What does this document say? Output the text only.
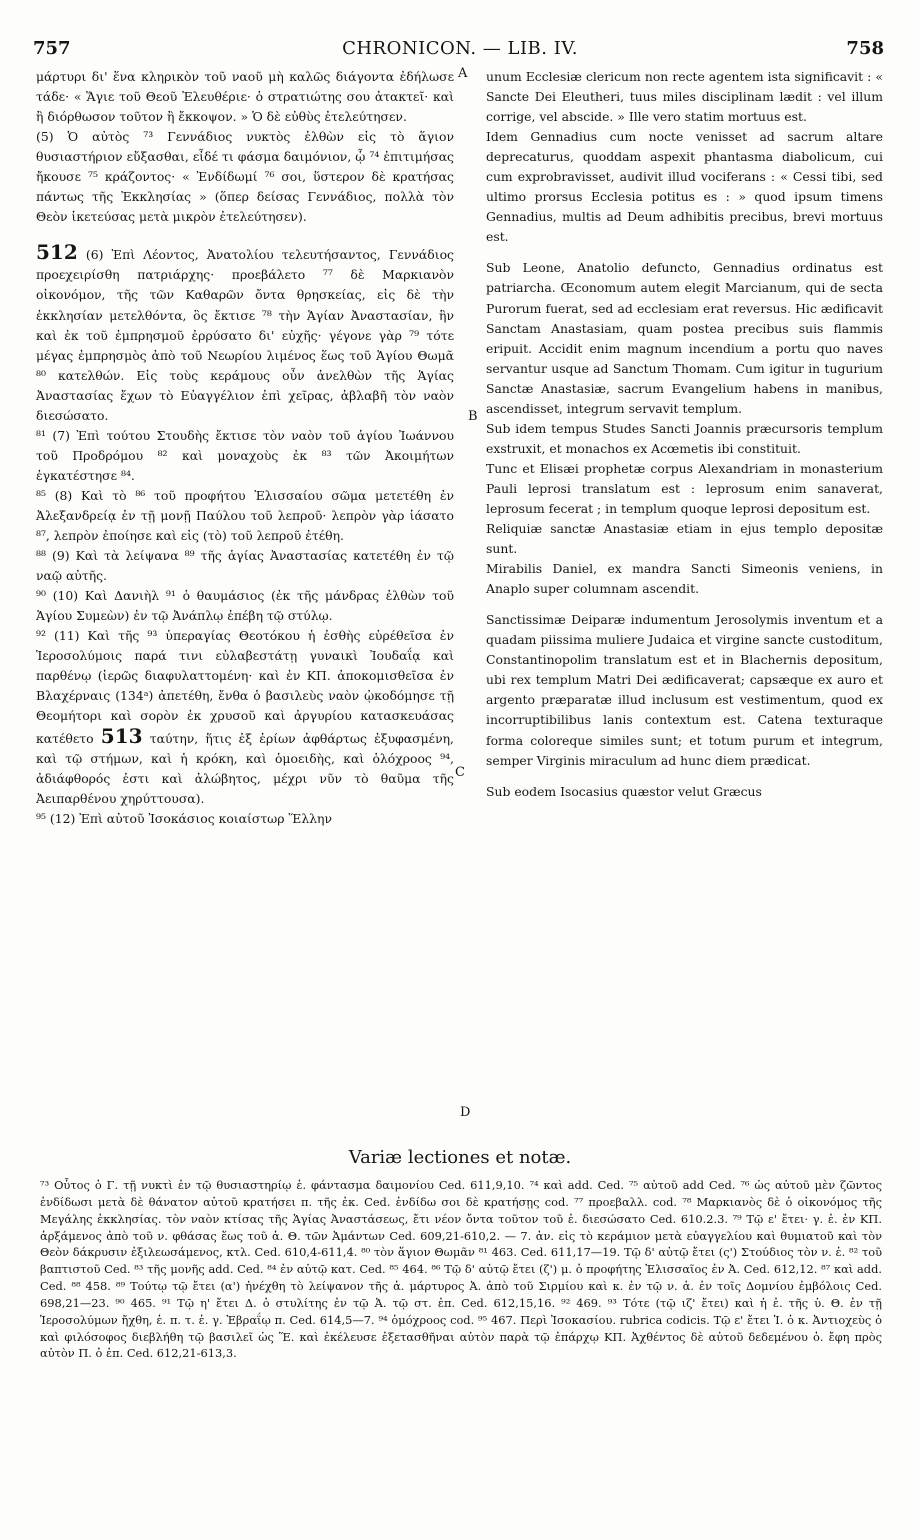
757	CHRONICON. — LIB. IV.	758
A
B
C
D

μάρτυρι δι' ἕνα κληρικὸν τοῦ ναοῦ μὴ καλῶς διάγοντα ἐδήλωσε τάδε· « Ἅγιε τοῦ Θεοῦ Ἐλευθέριε· ὁ στρατιώτης σου ἀτακτεῖ· καὶ ἢ διόρθωσον τοῦτον ἢ ἔκκοψον. » Ὁ δὲ εὐθὺς ἐτελεύτησεν.

(5) Ὁ αὐτὸς ⁷³ Γεννάδιος νυκτὸς ἐλθὼν εἰς τὸ ἅγιον θυσιαστήριον εὔξασθαι, εἶδέ τι φάσμα δαιμόνιον, ᾧ ⁷⁴ ἐπιτιμήσας ἤκουσε ⁷⁵ κράζοντος· « Ἐνδίδωμί ⁷⁶ σοι, ὕστερον δὲ κρατήσας πάντως τῆς Ἐκκλησίας » (ὅπερ δείσας Γεννάδιος, πολλὰ τὸν Θεὸν ἱκετεύσας μετὰ μικρὸν ἐτελεύτησεν).

512 (6) Ἐπὶ Λέοντος, Ἀνατολίου τελευτήσαντος, Γεννάδιος προεχειρίσθη πατριάρχης· προεβάλετο ⁷⁷ δὲ Μαρκιανὸν οἰκονόμον, τῆς τῶν Καθαρῶν ὄντα θρησκείας, εἰς δὲ τὴν ἐκκλησίαν μετελθόντα, ὃς ἔκτισε ⁷⁸ τὴν Ἁγίαν Ἀναστασίαν, ἣν καὶ ἐκ τοῦ ἐμπρησμοῦ ἐρρύσατο δι' εὐχῆς· γέγονε γὰρ ⁷⁹ τότε μέγας ἐμπρησμὸς ἀπὸ τοῦ Νεωρίου λιμένος ἕως τοῦ Ἁγίου Θωμᾶ ⁸⁰ κατελθών. Εἰς τοὺς κεράμους οὖν ἀνελθὼν τῆς Ἁγίας Ἀναστασίας ἔχων τὸ Εὐαγγέλιον ἐπὶ χεῖρας, ἀβλαβῆ τὸν ναὸν διεσώσατο.

⁸¹ (7) Ἐπὶ τούτου Στουδὴς ἔκτισε τὸν ναὸν τοῦ ἁγίου Ἰωάννου τοῦ Προδρόμου ⁸² καὶ μοναχοὺς ἐκ ⁸³ τῶν Ἀκοιμήτων ἐγκατέστησε ⁸⁴.

⁸⁵ (8) Καὶ τὸ ⁸⁶ τοῦ προφήτου Ἐλισσαίου σῶμα μετετέθη ἐν Ἀλεξανδρείᾳ ἐν τῇ μονῇ Παύλου τοῦ λεπροῦ· λεπρὸν γὰρ ἰάσατο ⁸⁷, λεπρὸν ἐποίησε καὶ εἰς (τὸ) τοῦ λεπροῦ ἐτέθη.

⁸⁸ (9) Καὶ τὰ λείψανα ⁸⁹ τῆς ἁγίας Ἀναστασίας κατετέθη ἐν τῷ ναῷ αὐτῆς.

⁹⁰ (10) Καὶ Δανιὴλ ⁹¹ ὁ θαυμάσιος (ἐκ τῆς μάνδρας ἐλθὼν τοῦ Ἁγίου Συμεὼν) ἐν τῷ Ἀνάπλῳ ἐπέβη τῷ στύλῳ.

⁹² (11) Καὶ τῆς ⁹³ ὑπεραγίας Θεοτόκου ἡ ἐσθὴς εὑρέθεῖσα ἐν Ἱεροσολύμοις παρά τινι εὐλαβεστάτῃ γυναικὶ Ἰουδαΐᾳ καὶ παρθένῳ (ἱερῶς διαφυλαττομένη· καὶ ἐν ΚΠ. ἀποκομισθεῖσα ἐν Βλαχέρναις (134ᵃ) ἀπετέθη, ἔνθα ὁ βασιλεὺς ναὸν ᾠκοδόμησε τῇ Θεομήτορι καὶ σορὸν ἐκ χρυσοῦ καὶ ἀργυρίου κατασκευάσας κατέθετο 513 ταύτην, ἥτις ἐξ ἐρίων ἀφθάρτως ἐξυφασμένη, καὶ τῷ στήμων, καὶ ἡ κρόκη, καὶ ὁμοειδὴς, καὶ ὁλόχροος ⁹⁴, ἀδιάφθορός ἐστι καὶ ἀλώβητος, μέχρι νῦν τὸ θαῦμα τῆς Ἀειπαρθένου χηρύττουσα).

⁹⁵ (12) Ἐπὶ αὐτοῦ Ἰσοκάσιος κοιαίστωρ Ἕλλην

unum Ecclesiæ clericum non recte agentem ista significavit : « Sancte Dei Eleutheri, tuus miles disciplinam lædit : vel illum corrige, vel abscide. » Ille vero statim mortuus est.

Idem Gennadius cum nocte venisset ad sacrum altare deprecaturus, quoddam aspexit phantasma diabolicum, cui cum exprobravisset, audivit illud vociferans : « Cessi tibi, sed ultimo prorsus Ecclesia potitus es : » quod ipsum timens Gennadius, multis ad Deum adhibitis precibus, brevi mortuus est.

Sub Leone, Anatolio defuncto, Gennadius ordinatus est patriarcha. Œconomum autem elegit Marcianum, qui de secta Purorum fuerat, sed ad ecclesiam erat reversus. Hic ædificavit Sanctam Anastasiam, quam postea precibus suis flammis eripuit. Accidit enim magnum incendium a portu quo naves servantur usque ad Sanctum Thomam. Cum igitur in tugurium Sanctæ Anastasiæ, sacrum Evangelium habens in manibus, ascendisset, integrum servavit templum.

Sub idem tempus Studes Sancti Joannis præcursoris templum exstruxit, et monachos ex Acœmetis ibi constituit.

Tunc et Elisæi prophetæ corpus Alexandriam in monasterium Pauli leprosi translatum est : leprosum enim sanaverat, leprosum fecerat ; in templum quoque leprosi depositum est.

Reliquiæ sanctæ Anastasiæ etiam in ejus templo depositæ sunt.

Mirabilis Daniel, ex mandra Sancti Simeonis veniens, in Anaplo super columnam ascendit.

Sanctissimæ Deiparæ indumentum Jerosolymis inventum et a quadam piissima muliere Judaica et virgine sancte custoditum, Constantinopolim translatum est et in Blachernis depositum, ubi rex templum Matri Dei ædificaverat; capsæque ex auro et argento præparatæ illud inclusum est vestimentum, quod ex incorruptibilibus lanis contextum est. Catena texturaque forma coloreque similes sunt; et totum purum et integrum, semper Virginis miraculum ad hunc diem prædicat.

Sub eodem Isocasius quæstor velut Græcus

Variæ lectiones et notæ.
⁷³ Οὗτος ὁ Γ. τῇ νυκτὶ ἐν τῷ θυσιαστηρίῳ ἑ. φάντασμα δαιμονίου Ced. 611,9,10. ⁷⁴ καὶ add. Ced. ⁷⁵ αὐτοῦ add Ced. ⁷⁶ ὡς αὐτοῦ μὲν ζῶντος ἐνδίδωσι μετὰ δὲ θάνατον αὐτοῦ κρατήσει π. τῆς ἐκ. Ced. ἐνδίδω σοι δὲ κρατήσῃς cod. ⁷⁷ προεβαλλ. cod. ⁷⁸ Μαρκιανὸς δὲ ὁ οἰκονόμος τῆς Μεγάλης ἐκκλησίας. τὸν ναὸν κτίσας τῆς Ἁγίας Ἀναστάσεως, ἔτι νέον ὄντα τοῦτον τοῦ ἐ. διεσώσατο Ced. 610.2.3. ⁷⁹ Τῷ ε' ἔτει· γ. ἐ. ἐν ΚΠ. ἀρξάμενος ἀπὸ τοῦ ν. φθάσας ἕως τοῦ ἁ. Θ. τῶν Ἀμάντων Ced. 609,21-610,2. — 7. ἀν. εἰς τὸ κεράμιον μετὰ εὐαγγελίου καὶ θυμιατοῦ καὶ τὸν Θεὸν δάκρυσιν ἐξιλεωσάμενος, κτλ. Ced. 610,4-611,4. ⁸⁰ τὸν ἅγιον Θωμᾶν ⁸¹ 463. Ced. 611,17—19. Τῷ δ' αὐτῷ ἔτει (ς') Στούδιος τὸν ν. ἐ. ⁸² τοῦ βαπτιστοῦ Ced. ⁸³ τῆς μονῆς add. Ced. ⁸⁴ ἐν αὐτῷ κατ. Ced. ⁸⁵ 464. ⁸⁶ Τῷ δ' αὐτῷ ἔτει (ζ') μ. ὁ προφήτης Ἐλισσαῖος ἐν Ἀ. Ced. 612,12. ⁸⁷ καὶ add. Ced. ⁸⁸ 458. ⁸⁹ Τούτῳ τῷ ἔτει (α') ἠνέχθη τὸ λείψανον τῆς ἁ. μάρτυρος Ἀ. ἀπὸ τοῦ Σιρμίου καὶ κ. ἐν τῷ ν. ἁ. ἐν τοῖς Δομνίου ἐμβόλοις Ced. 698,21—23. ⁹⁰ 465. ⁹¹ Τῷ η' ἔτει Δ. ὁ στυλίτης ἐν τῷ Ἀ. τῷ στ. ἐπ. Ced. 612,15,16. ⁹² 469. ⁹³ Τότε (τῷ ιζ' ἔτει) καὶ ἡ ἐ. τῆς ὑ. Θ. ἐν τῇ Ἱεροσολύμων ἤχθη, ἑ. π. τ. ἑ. γ. Ἑβραΐῳ π. Ced. 614,5—7. ⁹⁴ ὁμόχροος cod. ⁹⁵ 467. Περὶ Ἰσοκασίου. rubrica codicis. Τῷ ε' ἔτει Ἰ. ὁ κ. Ἀντιοχεὺς ὁ καὶ φιλόσοφος διεβλήθη τῷ βασιλεῖ ὡς Ἕ. καὶ ἐκέλευσε ἐξετασθῆναι αὐτὸν παρὰ τῷ ἐπάρχῳ ΚΠ. Ἀχθέντος δὲ αὐτοῦ δεδεμένου ὁ. ἔφη πρὸς αὐτὸν Π. ὁ ἐπ. Ced. 612,21-613,3.
